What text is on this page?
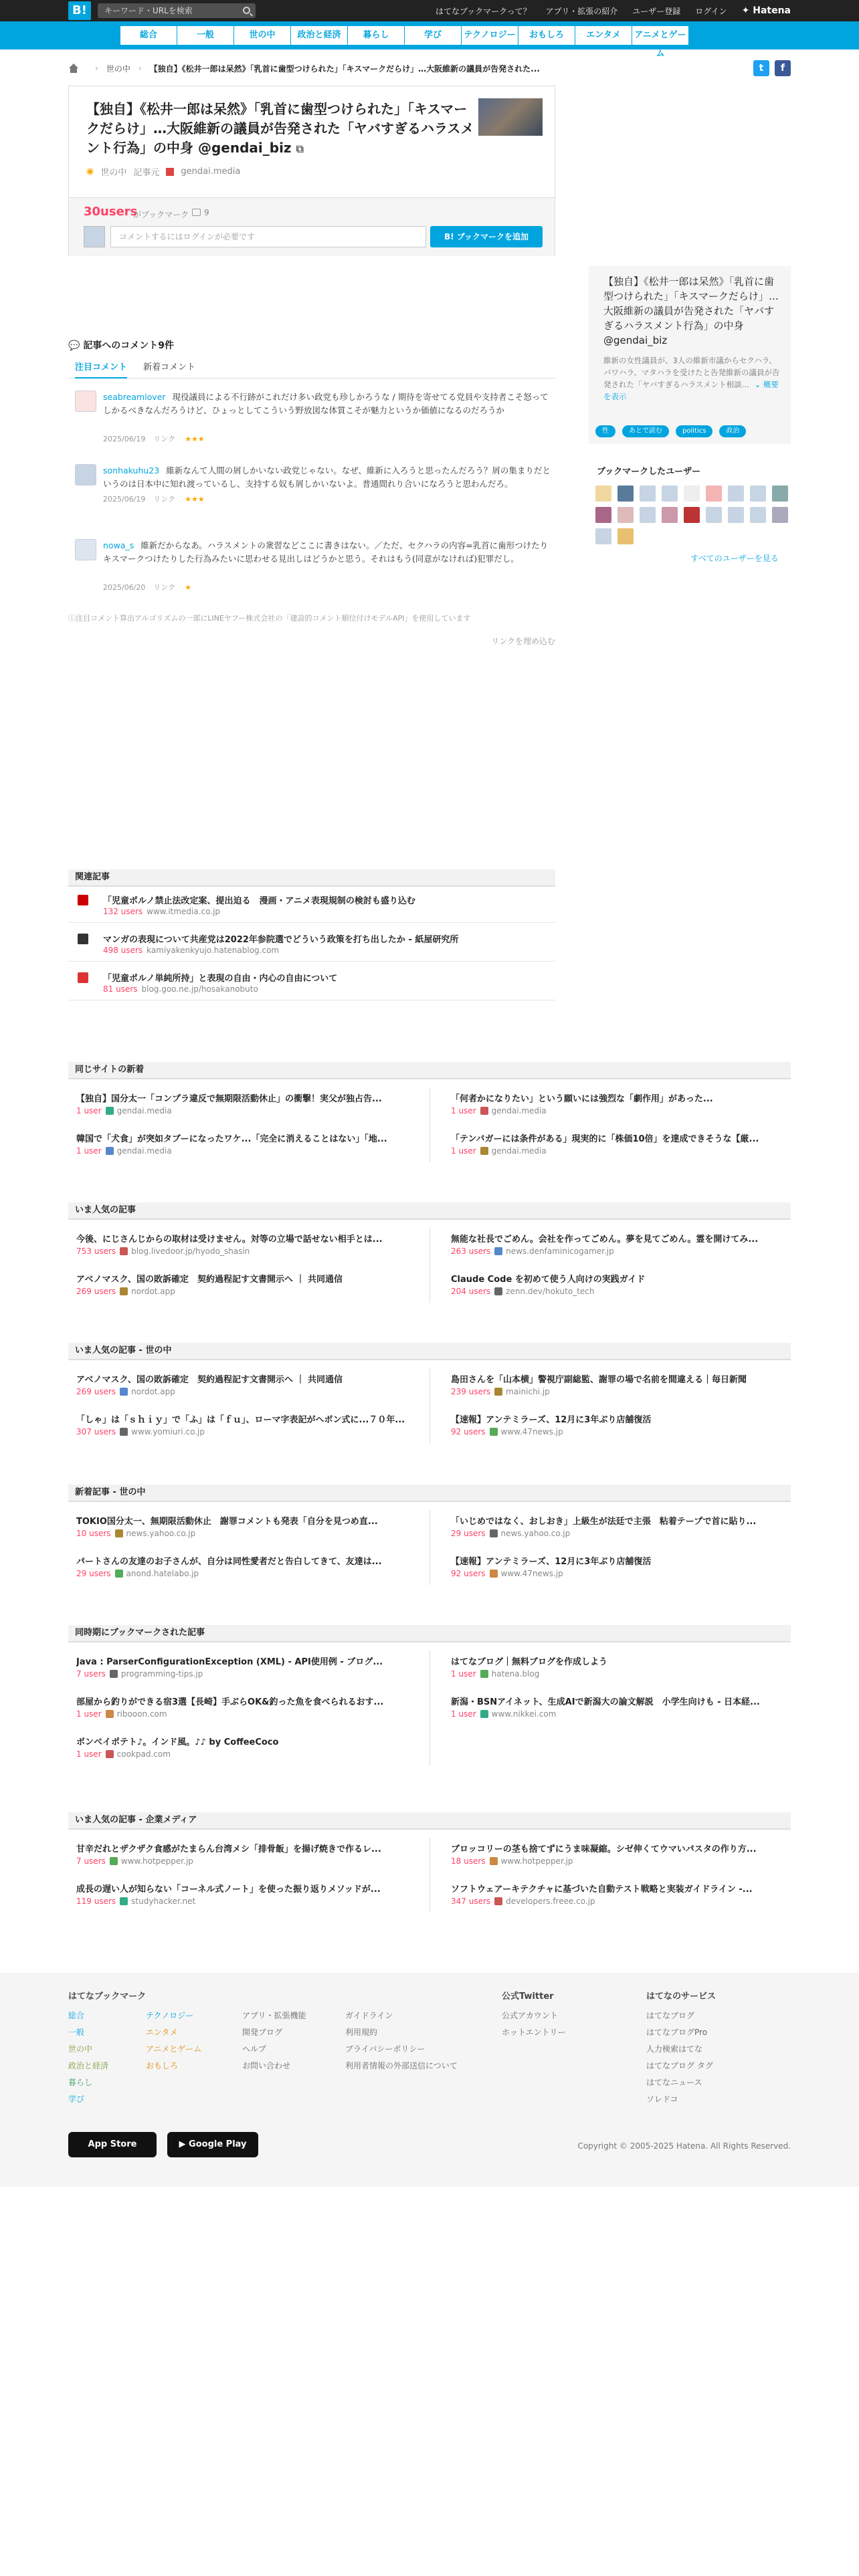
B!	キーワード・URLを検索	はてなブックマークって？ アプリ・拡張の紹介 ユーザー登録 ログイン ✦ Hatena
総合	一般	世の中	政治と経済	暮らし	学び	テクノロジー	おもしろ	エンタメ	アニメとゲーム
› 世の中 › 【独自】《松井一郎は呆然》「乳首に歯型つけられた」「キスマークだらけ」…大阪維新の議員が告発された...	t	f
【独自】《松井一郎は呆然》「乳首に歯型つけられた」「キスマークだらけ」…大阪維新の議員が告発された「ヤバすぎるハラスメント行為」の中身 @gendai_biz ⧉
◉ 世の中 記事元 gendai.media
30users
がブックマーク 9
コメントするにはログインが必要です	B! ブックマークを追加
💬 記事へのコメント9件
注目コメント 新着コメント
seabreamlover 現役議員による不行跡がこれだけ多い政党も珍しかろうな / 期待を寄せてる党員や支持者こそ怒ってしかるべきなんだろうけど、ひょっとしてこういう野放図な体質こそが魅力というか価値になるのだろうか
2025/06/19 リンク ★★★
sonhakuhu23 維新なんて人間の屑しかいない政党じゃない。なぜ、維新に入ろうと思ったんだろう？屑の集まりだというのは日本中に知れ渡っているし、支持する奴も屑しかいないよ。普通間れり合いになろうと思わんだろ。
2025/06/19 リンク ★★★
nowa_s 維新だからなあ。ハラスメントの衆習などここに書きはない。／ただ、セクハラの内容=乳首に歯形つけたりキスマークつけたりした行為みたいに思わせる見出しはどうかと思う。それはもう(同意がなければ)犯罪だし。
2025/06/20 リンク ★
ⓘ注目コメント算出アルゴリズムの一部にLINEヤフー株式会社の「建設的コメント順位付けモデルAPI」を使用しています
リンクを埋め込む
【独自】《松井一郎は呆然》「乳首に歯型つけられた」「キスマークだらけ」…大阪維新の議員が告発された「ヤバすぎるハラスメント行為」の中身 @gendai_biz
維新の女性議員が、3人の維新市議からセクハラ、パワハラ、マタハラを受けたと告発維新の議員が告発された「ヤバすぎるハラスメント相談... ⌄ 概要を表示
性	あとで読む	politics	政治
ブックマークしたユーザー
すべてのユーザーを見る
関連記事
「児童ポルノ禁止法改定案、提出迫る　漫画・アニメ表現規制の検討も盛り込む
132 users www.itmedia.co.jp
マンガの表現について共産党は2022年参院選でどういう政策を打ち出したか - 紙屋研究所
498 users kamiyakenkyujo.hatenablog.com
「児童ポルノ単純所持」と表現の自由・内心の自由について
81 users blog.goo.ne.jp/hosakanobuto
同じサイトの新着
【独自】国分太一「コンプラ違反で無期限活動休止」の衝撃！実父が独占告...
1 user gendai.media
「何者かになりたい」という願いには強烈な「劇作用」があった...
1 user gendai.media
韓国で「犬食」が突如タブーになったワケ...「完全に消えることはない」「地...
1 user gendai.media
「テンバガーには条件がある」現実的に「株価10倍」を達成できそうな【厳...
1 user gendai.media
いま人気の記事
今後、にじさんじからの取材は受けません。対等の立場で話せない相手とは...
753 users blog.livedoor.jp/hyodo_shasin
無能な社長でごめん。会社を作ってごめん。夢を見てごめん。霊を開けてみ...
263 users news.denfaminicogamer.jp
アベノマスク、国の敗訴確定　契約過程記す文書開示へ ｜ 共同通信
269 users nordot.app
Claude Code を初めて使う人向けの実践ガイド
204 users zenn.dev/hokuto_tech
いま人気の記事 - 世の中
アベノマスク、国の敗訴確定　契約過程記す文書開示へ ｜ 共同通信
269 users nordot.app
島田さんを「山本横」警視庁副総監、謝罪の場で名前を間違える｜毎日新聞
239 users mainichi.jp
「しゃ」は「ｓｈｉｙ」で「ふ」は「ｆｕ」、ローマ字表記がヘボン式に...７０年...
307 users www.yomiuri.co.jp
【速報】アンテミラーズ、12月に3年ぶり店舗復活
92 users www.47news.jp
新着記事 - 世の中
TOKIO国分太一、無期限活動休止　謝罪コメントも発表「自分を見つめ直...
10 users news.yahoo.co.jp
「いじめではなく、おしおき」上級生が法廷で主張　粘着テープで首に貼り...
29 users news.yahoo.co.jp
パートさんの友達のお子さんが、自分は同性愛者だと告白してきて、友達は...
29 users anond.hatelabo.jp
【速報】アンテミラーズ、12月に3年ぶり店舗復活
92 users www.47news.jp
同時期にブックマークされた記事
Java : ParserConfigurationException (XML) - API使用例 - ブログ...
7 users programming-tips.jp
はてなブログ｜無料ブログを作成しよう
1 user hatena.blog
部屋から釣りができる宿3選【長崎】手ぶらOK&釣った魚を食べられるおす...
1 user ribooon.com
新潟・BSNアイネット、生成AIで新潟大の論文解説　小学生向けも - 日本経...
1 user www.nikkei.com
ボンベイポテト♪。インド風。♪♪ by CoffeeCoco
1 user cookpad.com
いま人気の記事 - 企業メディア
甘辛だれとザクザク食感がたまらん台湾メシ「排骨飯」を揚げ焼きで作るレ...
7 users www.hotpepper.jp
ブロッコリーの茎も捨てずにうま味凝縮。シゼ伸くてウマいパスタの作り方...
18 users www.hotpepper.jp
成長の遅い人が知らない「コーネル式ノート」を使った振り返りメソッドが...
119 users studyhacker.net
ソフトウェアーキテクチャに基づいた自動テスト戦略と実装ガイドライン -...
347 users developers.freee.co.jp
はてなブックマーク
総合
一般
世の中
政治と経済
暮らし
学び
テクノロジー
エンタメ
アニメとゲーム
おもしろ
アプリ・拡張機能
開発ブログ
ヘルプ
お問い合わせ
ガイドライン
利用規約
プライバシーポリシー
利用者情報の外部送信について
公式Twitter
公式アカウント
ホットエントリー
はてなのサービス
はてなブログ
はてなブログPro
人力検索はてな
はてなブログ タグ
はてなニュース
ソレドコ
App Store	▶ Google Play	Copyright © 2005-2025 Hatena. All Rights Reserved.
